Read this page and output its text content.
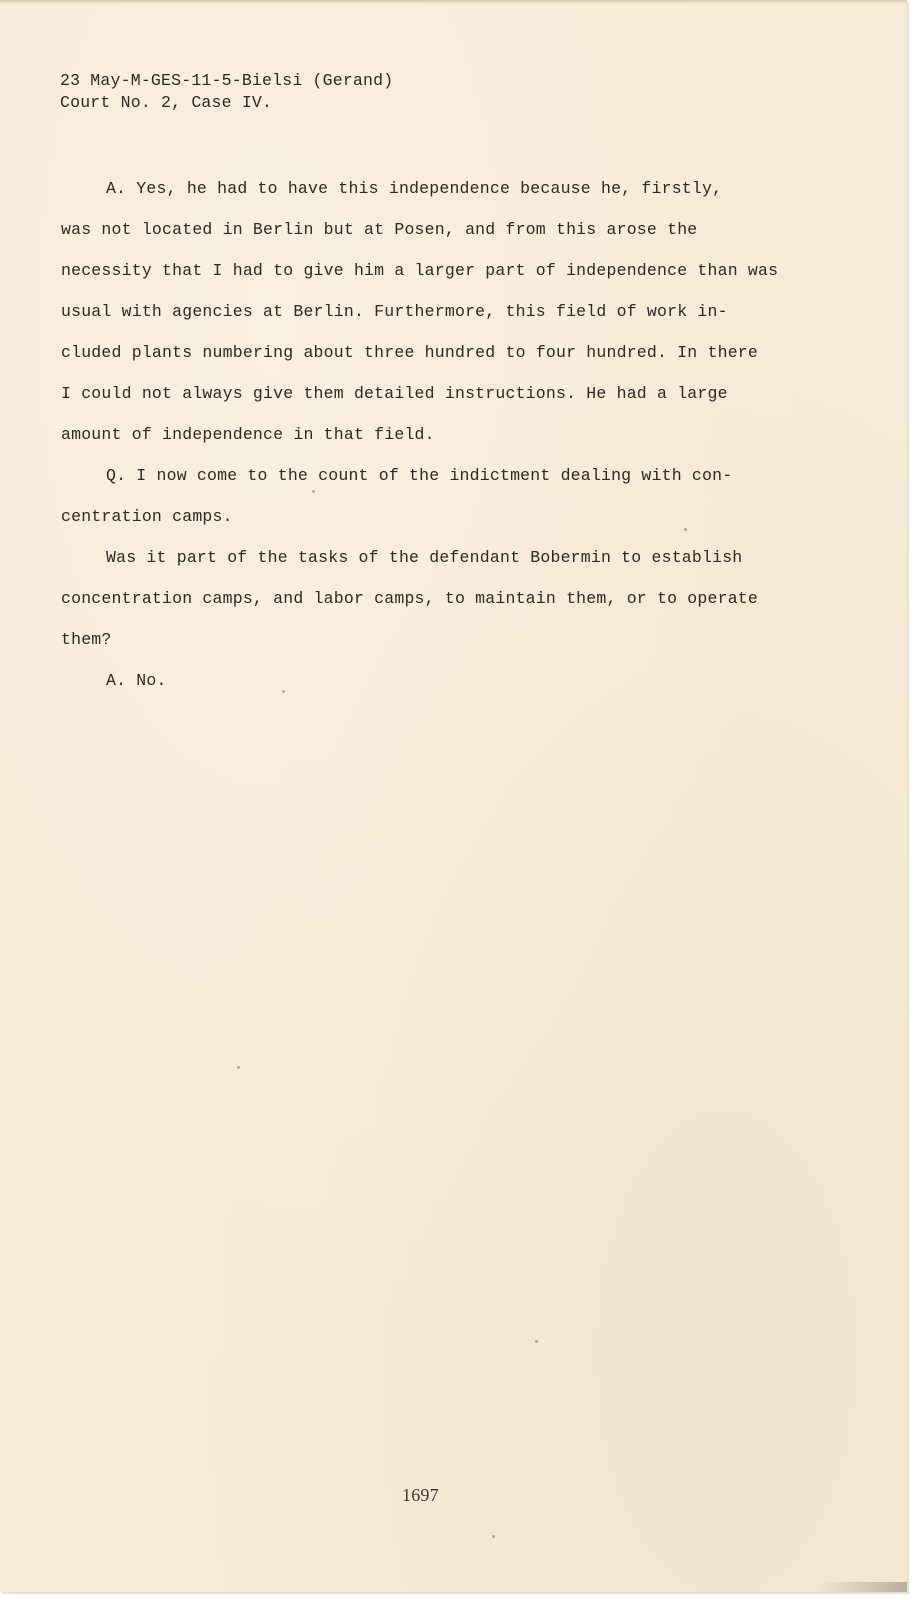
23 May-M-GES-11-5-Bielsi (Gerand)
Court No. 2, Case IV.
A. Yes, he had to have this independence because he, firstly,
was not located in Berlin but at Posen, and from this arose the
necessity that I had to give him a larger part of independence than was
usual with agencies at Berlin. Furthermore, this field of work in-
cluded plants numbering about three hundred to four hundred. In there
I could not always give them detailed instructions. He had a large
amount of independence in that field.
Q. I now come to the count of the indictment dealing with con-
centration camps.
Was it part of the tasks of the defendant Bobermin to establish
concentration camps, and labor camps, to maintain them, or to operate
them?
A. No.
1697
